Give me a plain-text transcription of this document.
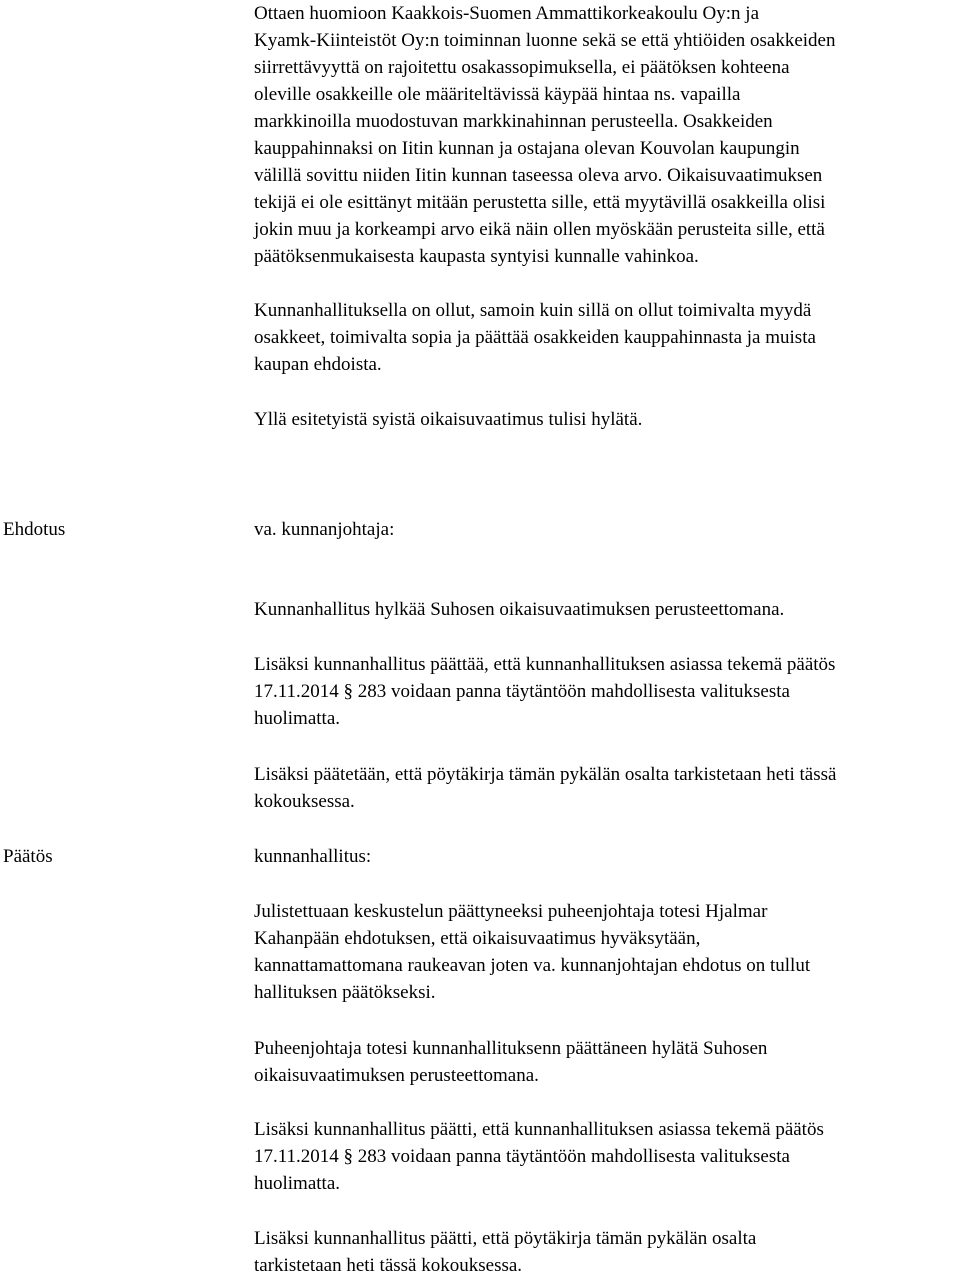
Ottaen huomioon Kaakkois-Suomen Ammattikorkeakoulu Oy:n ja

Kyamk-Kiinteistöt Oy:n toiminnan luonne sekä se että yhtiöiden osakkeiden

siirrettävyyttä on rajoitettu osakassopimuksella, ei päätöksen kohteena

oleville osakkeille ole määriteltävissä käypää hintaa ns. vapailla

markkinoilla muodostuvan markkinahinnan perusteella. Osakkeiden

kauppahinnaksi on Iitin kunnan ja ostajana olevan Kouvolan kaupungin

välillä sovittu niiden Iitin kunnan taseessa oleva arvo. Oikaisuvaatimuksen

tekijä ei ole esittänyt mitään perustetta sille, että myytävillä osakkeilla olisi

jokin muu ja korkeampi arvo eikä näin ollen myöskään perusteita sille, että

päätöksenmukaisesta kaupasta syntyisi kunnalle vahinkoa.

Kunnanhallituksella on ollut, samoin kuin sillä on ollut toimivalta myydä

osakkeet, toimivalta sopia ja päättää osakkeiden kauppahinnasta ja muista

kaupan ehdoista.

Yllä esitetyistä syistä oikaisuvaatimus tulisi hylätä.

Ehdotus	va. kunnanjohtaja:

Kunnanhallitus hylkää Suhosen oikaisuvaatimuksen perusteettomana.

Lisäksi kunnanhallitus päättää, että kunnanhallituksen asiassa tekemä päätös

17.11.2014 § 283 voidaan panna täytäntöön mahdollisesta valituksesta

huolimatta.

Lisäksi päätetään, että pöytäkirja tämän pykälän osalta tarkistetaan heti tässä

kokouksessa.

Päätös	kunnanhallitus:

Julistettuaan keskustelun päättyneeksi puheenjohtaja totesi Hjalmar

Kahanpään ehdotuksen, että oikaisuvaatimus hyväksytään,

kannattamattomana raukeavan joten va. kunnanjohtajan ehdotus on tullut

hallituksen päätökseksi.

Puheenjohtaja totesi kunnanhallituksenn päättäneen hylätä Suhosen

oikaisuvaatimuksen perusteettomana.

Lisäksi kunnanhallitus päätti, että kunnanhallituksen asiassa tekemä päätös

17.11.2014 § 283 voidaan panna täytäntöön mahdollisesta valituksesta

huolimatta.

Lisäksi kunnanhallitus päätti, että pöytäkirja tämän pykälän osalta

tarkistetaan heti tässä kokouksessa.
